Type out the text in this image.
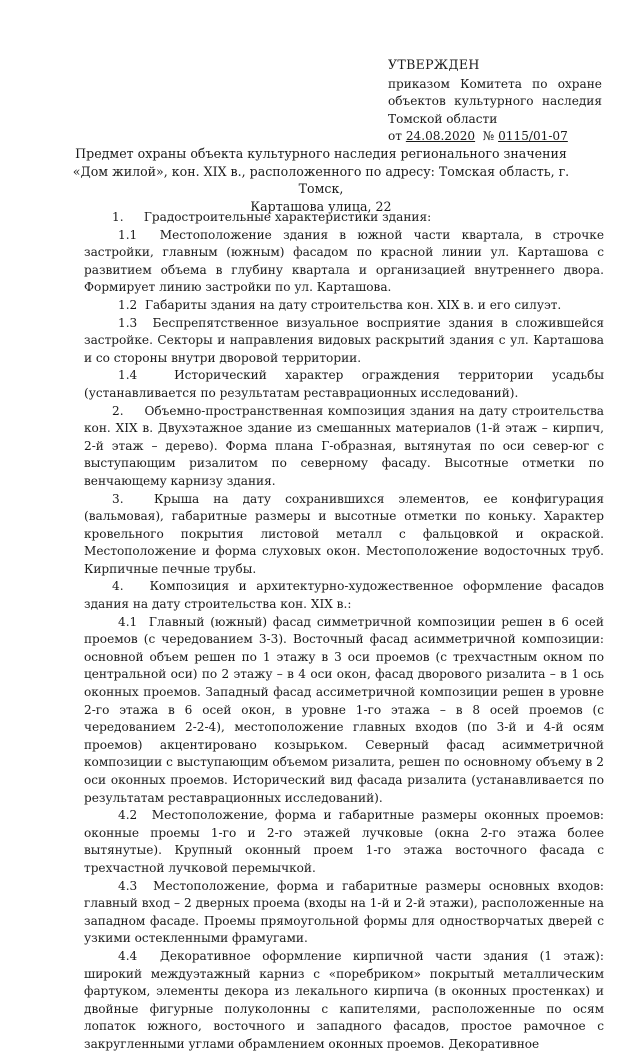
УТВЕРЖДЕН
приказом Комитета по охране
объектов культурного наследия
Томской области
от 24.08.2020 № 0115/01-07
Предмет охраны объекта культурного наследия регионального значения
«Дом жилой», кон. XIX в., расположенного по адресу: Томская область, г. Томск,
Карташова улица, 22

1. Градостроительные характеристики здания:

1.1 Местоположение здания в южной части квартала, в строчке застройки, главным (южным) фасадом по красной линии ул. Карташова с развитием объема в глубину квартала и организацией внутреннего двора. Формирует линию застройки по ул. Карташова.

1.2 Габариты здания на дату строительства кон. XIX в. и его силуэт.

1.3 Беспрепятственное визуальное восприятие здания в сложившейся застройке. Секторы и направления видовых раскрытий здания с ул. Карташова и со стороны внутри дворовой территории.

1.4	Исторический характер ограждения территории усадьбы (устанавливается по результатам реставрационных исследований).

2. Объемно-пространственная композиция здания на дату строительства кон. XIX в. Двухэтажное здание из смешанных материалов (1-й этаж – кирпич, 2-й этаж – дерево). Форма плана Г-образная, вытянутая по оси север-юг с выступающим ризалитом по северному фасаду. Высотные отметки по венчающему карнизу здания.

3.	Крыша на дату сохранившихся элементов, ее конфигурация (вальмовая), габаритные размеры и высотные отметки по коньку. Характер кровельного покрытия листовой металл с фальцовкой и окраской. Местоположение и форма слуховых окон. Местоположение водосточных труб. Кирпичные печные трубы.

4. Композиция и архитектурно-художественное оформление фасадов здания на дату строительства кон. XIX в.:

4.1 Главный (южный) фасад симметричной композиции решен в 6 осей проемов (с чередованием 3-3). Восточный фасад асимметричной композиции: основной объем решен по 1 этажу в 3 оси проемов (с трехчастным окном по центральной оси) по 2 этажу – в 4 оси окон, фасад дворового ризалита – в 1 ось оконных проемов. Западный фасад ассиметричной композиции решен в уровне 2-го этажа в 6 осей окон, в уровне 1-го этажа – в 8 осей проемов (с чередованием 2-2-4), местоположение главных входов (по 3-й и 4-й осям проемов) акцентировано козырьком. Северный фасад асимметричной композиции с выступающим объемом ризалита, решен по основному объему в 2 оси оконных проемов. Исторический вид фасада ризалита (устанавливается по результатам реставрационных исследований).

4.2 Местоположение, форма и габаритные размеры оконных проемов: оконные проемы 1-го и 2-го этажей лучковые (окна 2-го этажа более вытянутые). Крупный оконный проем 1-го этажа восточного фасада с трехчастной лучковой перемычкой.

4.3 Местоположение, форма и габаритные размеры основных входов: главный вход – 2 дверных проема (входы на 1-й и 2-й этажи), расположенные на западном фасаде. Проемы прямоугольной формы для одностворчатых дверей с узкими остекленными фрамугами.

4.4 Декоративное оформление кирпичной части здания (1 этаж): широкий междуэтажный карниз с «поребриком» покрытый металлическим фартуком, элементы декора из лекального кирпича (в оконных простенках) и двойные фигурные полуколонны с капителями, расположенные по осям лопаток южного, восточного и западного фасадов, простое рамочное с закругленными углами обрамлением оконных проемов. Декоративное
